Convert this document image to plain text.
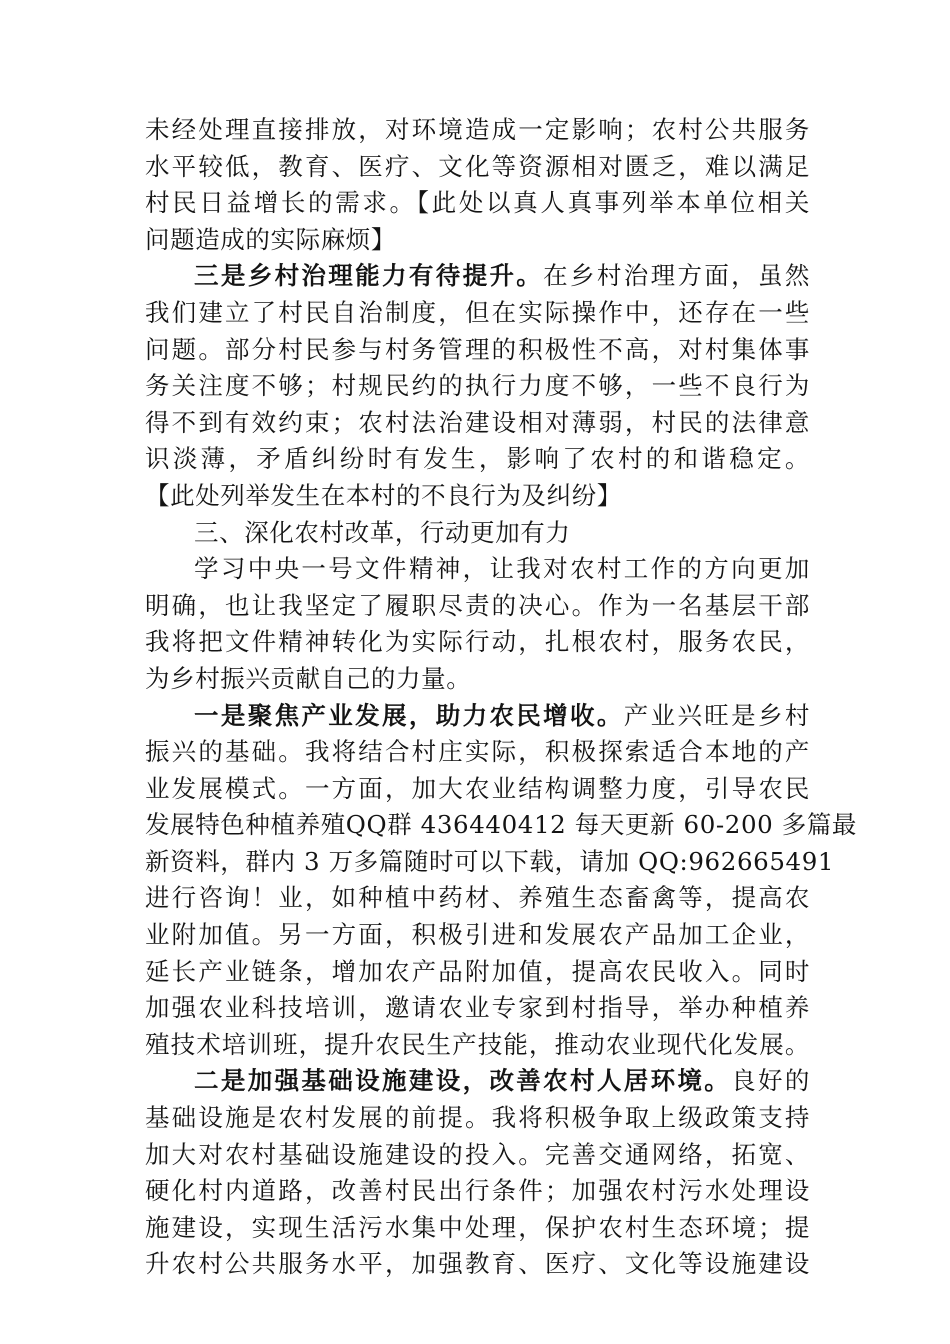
未经处理直接排放，对环境造成一定影响；农村公共服务
水平较低，教育、医疗、文化等资源相对匮乏，难以满足
村民日益增长的需求。【此处以真人真事列举本单位相关
问题造成的实际麻烦】
三是乡村治理能力有待提升。在乡村治理方面，虽然
我们建立了村民自治制度，但在实际操作中，还存在一些
问题。部分村民参与村务管理的积极性不高，对村集体事
务关注度不够；村规民约的执行力度不够，一些不良行为
得不到有效约束；农村法治建设相对薄弱，村民的法律意
识淡薄，矛盾纠纷时有发生，影响了农村的和谐稳定。
【此处列举发生在本村的不良行为及纠纷】
三、深化农村改革，行动更加有力
学习中央一号文件精神，让我对农村工作的方向更加
明确，也让我坚定了履职尽责的决心。作为一名基层干部
我将把文件精神转化为实际行动，扎根农村，服务农民，
为乡村振兴贡献自己的力量。
一是聚焦产业发展，助力农民增收。产业兴旺是乡村
振兴的基础。我将结合村庄实际，积极探索适合本地的产
业发展模式。一方面，加大农业结构调整力度，引导农民
发展特色种植养殖QQ群 436440412 每天更新 60-200 多篇最
新资料，群内 3 万多篇随时可以下载，请加 QQ:962665491
进行咨询！业，如种植中药材、养殖生态畜禽等，提高农
业附加值。另一方面，积极引进和发展农产品加工企业，
延长产业链条，增加农产品附加值，提高农民收入。同时
加强农业科技培训，邀请农业专家到村指导，举办种植养
殖技术培训班，提升农民生产技能，推动农业现代化发展。
二是加强基础设施建设，改善农村人居环境。良好的
基础设施是农村发展的前提。我将积极争取上级政策支持
加大对农村基础设施建设的投入。完善交通网络，拓宽、
硬化村内道路，改善村民出行条件；加强农村污水处理设
施建设，实现生活污水集中处理，保护农村生态环境；提
升农村公共服务水平，加强教育、医疗、文化等设施建设
